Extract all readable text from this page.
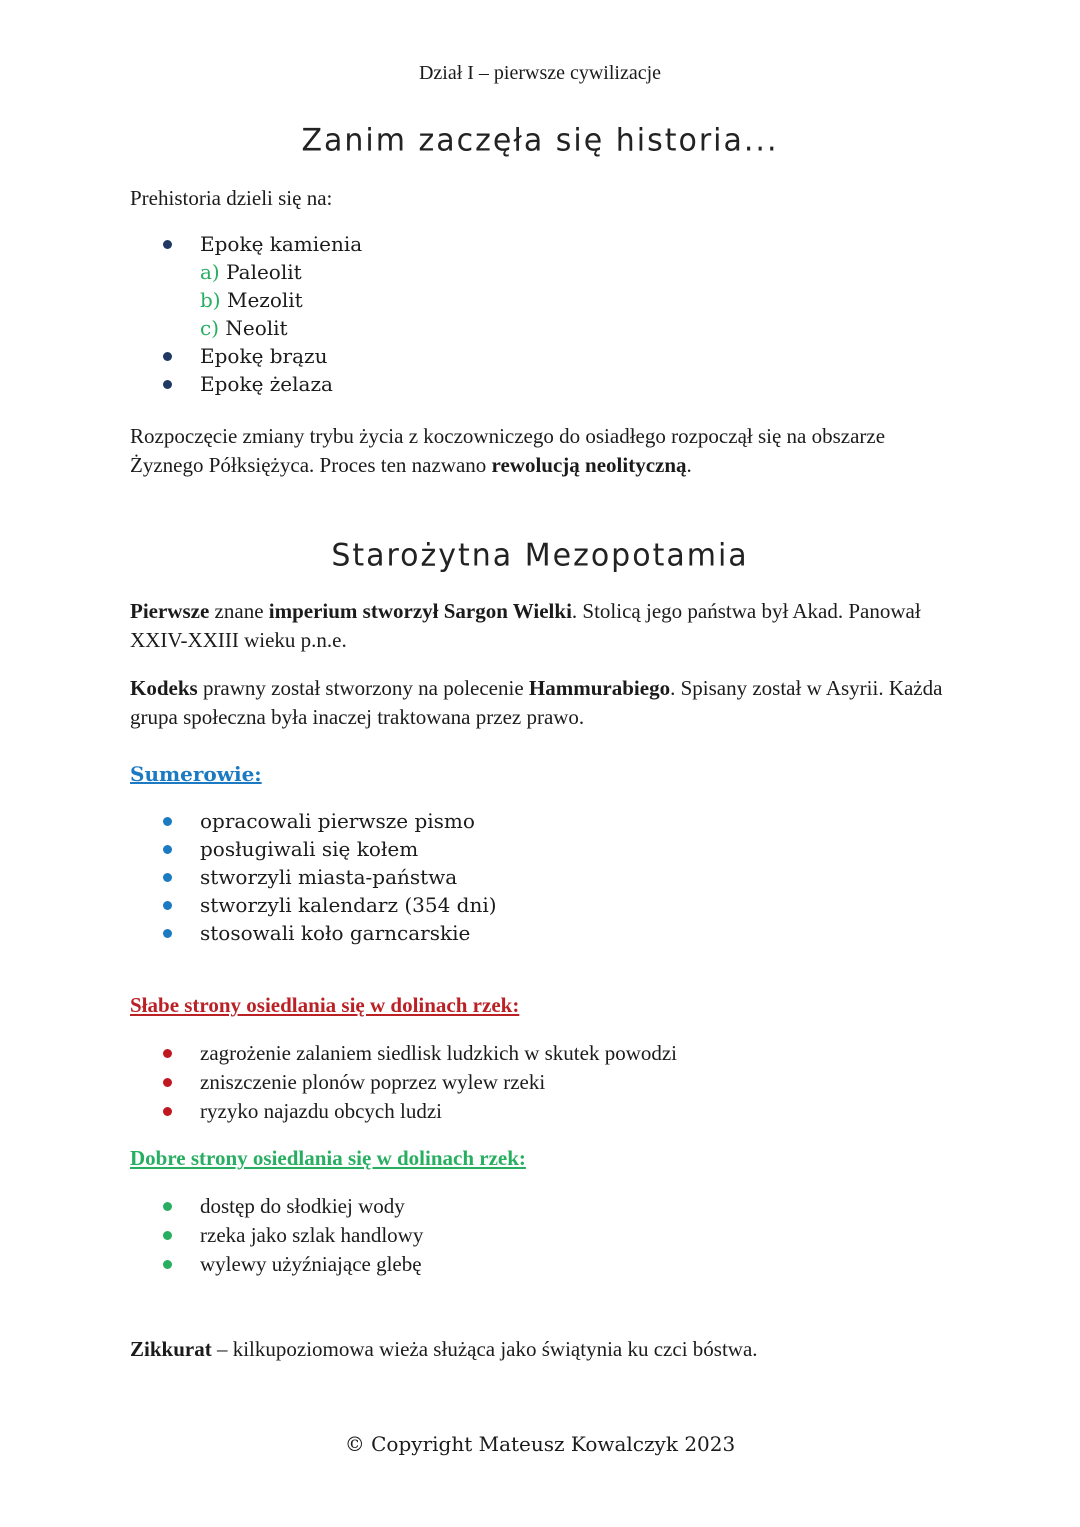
Dział I – pierwsze cywilizacje
Zanim zaczęła się historia...

Prehistoria dzieli się na:

Epokę kamienia
a) Paleolit
b) Mezolit
c) Neolit
Epokę brązu
Epokę żelaza

Rozpoczęcie zmiany trybu życia z koczowniczego do osiadłego rozpoczął się na obszarze Żyznego Półksiężyca. Proces ten nazwano rewolucją neolityczną.

Starożytna Mezopotamia

Pierwsze znane imperium stworzył Sargon Wielki. Stolicą jego państwa był Akad. Panował XXIV-XXIII wieku p.n.e.

Kodeks prawny został stworzony na polecenie Hammurabiego. Spisany został w Asyrii. Każda grupa społeczna była inaczej traktowana przez prawo.

Sumerowie:
opracowali pierwsze pismo
posługiwali się kołem
stworzyli miasta-państwa
stworzyli kalendarz (354 dni)
stosowali koło garncarskie
Słabe strony osiedlania się w dolinach rzek:
zagrożenie zalaniem siedlisk ludzkich w skutek powodzi
zniszczenie plonów poprzez wylew rzeki
ryzyko najazdu obcych ludzi
Dobre strony osiedlania się w dolinach rzek:
dostęp do słodkiej wody
rzeka jako szlak handlowy
wylewy użyźniające glebę

Zikkurat – kilkupoziomowa wieża służąca jako świątynia ku czci bóstwa.

© Copyright Mateusz Kowalczyk 2023
